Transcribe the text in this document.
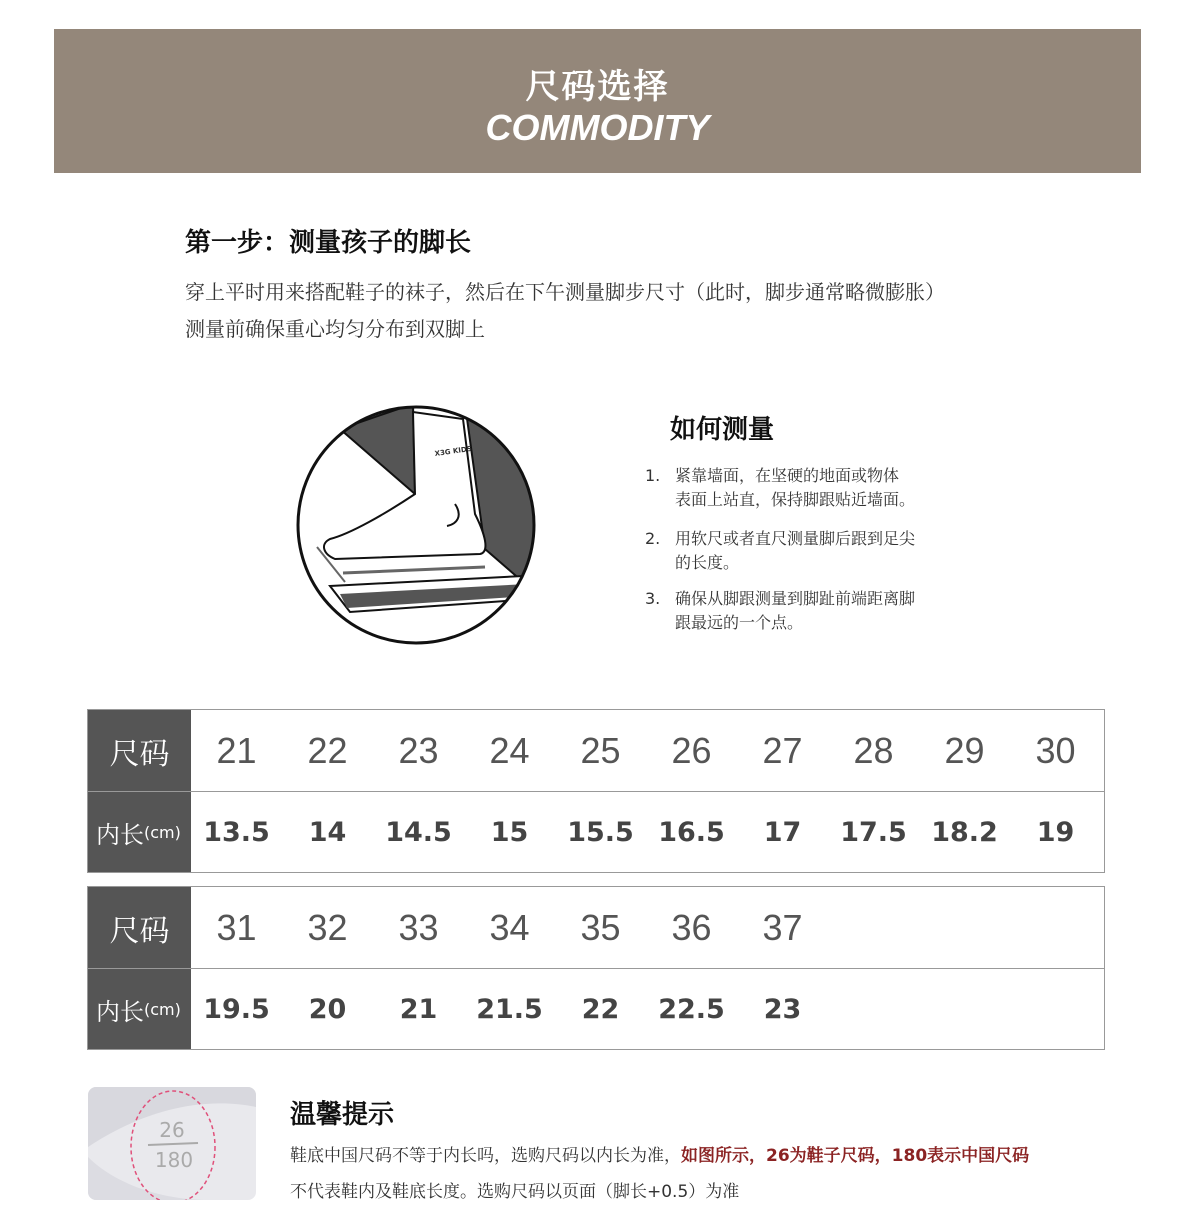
尺码选择
COMMODITY
第一步：测量孩子的脚长
穿上平时用来搭配鞋子的袜子，然后在下午测量脚步尺寸（此时，脚步通常略微膨胀）
测量前确保重心均匀分布到双脚上
X3G KIDS
如何测量
1. 紧靠墙面，在坚硬的地面或物体
表面上站直，保持脚跟贴近墙面。
2. 用软尺或者直尺测量脚后跟到足尖
的长度。
3. 确保从脚跟测量到脚趾前端距离脚
跟最远的一个点。
尺码	21	22	23	24	25	26	27	28	29	30
内长 (cm) 13.5	14	14.5	15	15.5 16.5	17	17.5 18.2	19
尺码	31	32	33	34	35	36	37
内长 (cm) 19.5	20	21	21.5	22	22.5	23
26
180
温馨提示
鞋底中国尺码不等于内长吗，选购尺码以内长为准，如图所示，26为鞋子尺码，180表示中国尺码
不代表鞋内及鞋底长度。选购尺码以页面（脚长+0.5）为准
